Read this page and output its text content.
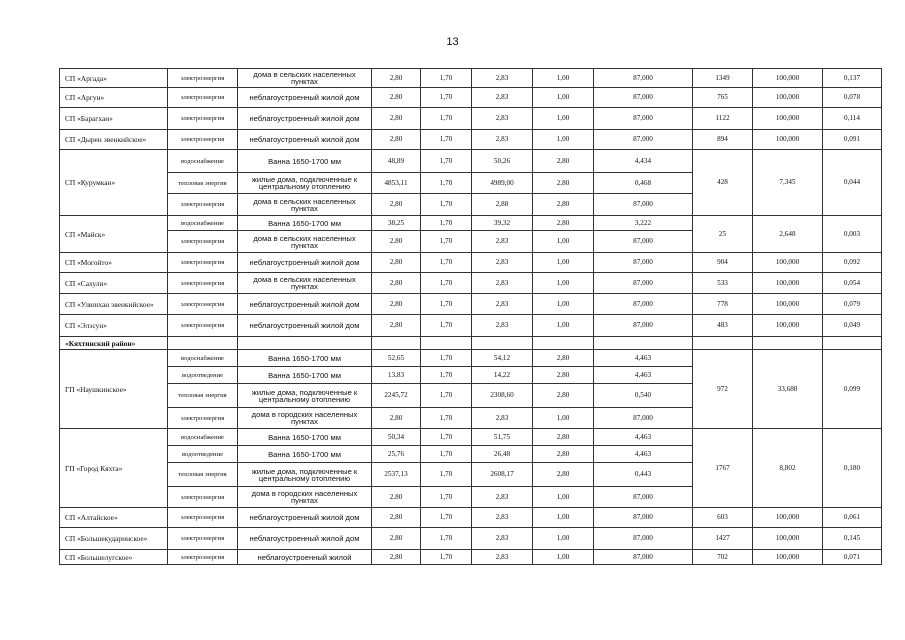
13
СП «Аргада»	электроэнергия	дома в сельских населенных пунктах	2,80	1,70	2,83	1,00	87,000	1349	100,000	0,137
СП «Аргун»	электроэнергия	неблагоустроенный жилой дом	2,80	1,70	2,83	1,00	87,000	765	100,000	0,078
СП «Барагхан»	электроэнергия	неблагоустроенный жилой дом	2,80	1,70	2,83	1,00	87,000	1122	100,000	0,114
СП «Дырен эвенкийское»	электроэнергия	неблагоустроенный жилой дом	2,80	1,70	2,83	1,00	87,000	894	100,000	0,091
СП «Курумкан»	водоснабжение	Ванна 1650-1700 мм	48,89	1,70	50,26	2,80	4,434	428	7,345	0,044
	тепловая энергия	жилые дома, подключенные к центральному отоплению	4853,11	1,70	4989,00	2,80	0,468			
	электроэнергия	дома в сельских населенных пунктах	2,80	1,70	2,88	2,80	87,000			
СП «Майск»	водоснабжение	Ванна 1650-1700 мм	38,25	1,70	39,32	2,80	3,222	25	2,648	0,003
	электроэнергия	дома в сельских населенных пунктах	2,80	1,70	2,83	1,00	87,000			
СП «Могойто»	электроэнергия	неблагоустроенный жилой дом	2,80	1,70	2,83	1,00	87,000	904	100,000	0,092
СП «Сахули»	электроэнергия	дома в сельских населенных пунктах	2,80	1,70	2,83	1,00	87,000	533	100,000	0,054
СП «Улюнхан эвенкийское»	электроэнергия	неблагоустроенный жилой дом	2,80	1,70	2,83	1,00	87,000	778	100,000	0,079
СП «Элэсун»	электроэнергия	неблагоустроенный жилой дом	2,80	1,70	2,83	1,00	87,000	483	100,000	0,049
«Кяхтинский район»										
ГП «Наушкинское»	водоснабжение	Ванна 1650-1700 мм	52,65	1,70	54,12	2,80	4,463	972	33,680	0,099
	водоотведение	Ванна 1650-1700 мм	13,83	1,70	14,22	2,80	4,463			
	тепловая энергия	жилые дома, подключенные к центральному отоплению	2245,72	1,70	2308,60	2,80	0,540			
	электроэнергия	дома в городских населенных пунктах	2,80	1,70	2,83	1,00	87,000			
ГП «Город Кяхта»	водоснабжение	Ванна 1650-1700 мм	50,34	1,70	51,75	2,80	4,463	1767	8,802	0,180
	водоотведение	Ванна 1650-1700 мм	25,76	1,70	26,48	2,80	4,463			
	тепловая энергия	жилые дома, подключенные к центральному отоплению	2537,13	1,70	2608,17	2,80	0,443			
	электроэнергия	дома в городских населенных пунктах	2,80	1,70	2,83	1,00	87,000			
СП «Алтайское»	электроэнергия	неблагоустроенный жилой дом	2,80	1,70	2,83	1,00	87,000	603	100,000	0,061
СП «Большекударинское»	электроэнергия	неблагоустроенный жилой дом	2,80	1,70	2,83	1,00	87,000	1427	100,000	0,145
СП «Большелугское»	электроэнергия	неблагоустроенный жилой	2,80	1,70	2,83	1,00	87,000	702	100,000	0,071
